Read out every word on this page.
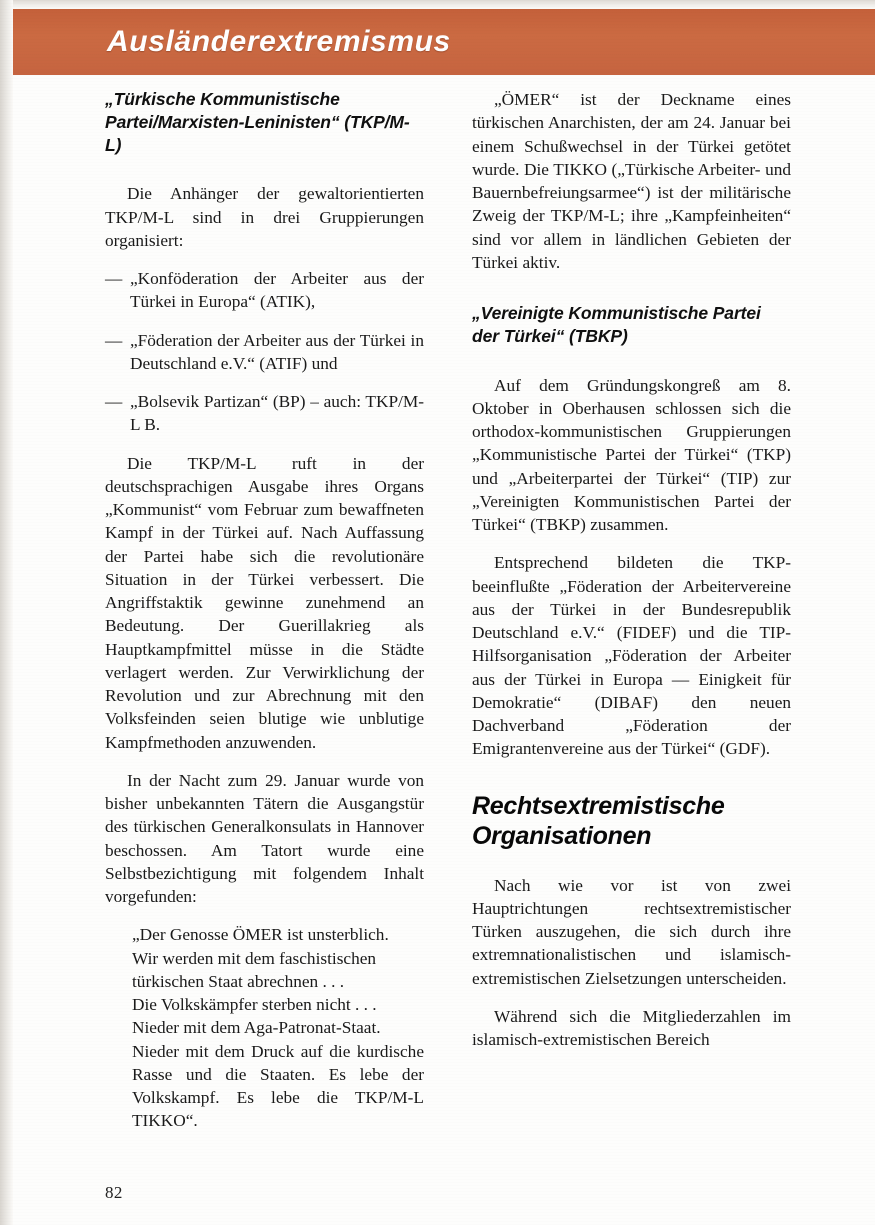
Ausländerextremismus
„Türkische Kommunistische Partei/Marxisten-Leninisten“ (TKP/M-L)

Die Anhänger der gewaltorientierten TKP/M-L sind in drei Gruppierungen organisiert:

— „Konföderation der Arbeiter aus der Türkei in Europa“ (ATIK),
— „Föderation der Arbeiter aus der Türkei in Deutschland e.V.“ (ATIF) und
— „Bolsevik Partizan“ (BP) – auch: TKP/M-L B.

Die TKP/M-L ruft in der deutschsprachigen Ausgabe ihres Organs „Kommunist“ vom Februar zum bewaffneten Kampf in der Türkei auf. Nach Auffassung der Partei habe sich die revolutionäre Situation in der Türkei verbessert. Die Angriffstaktik gewinne zunehmend an Bedeutung. Der Guerillakrieg als Hauptkampfmittel müsse in die Städte verlagert werden. Zur Verwirklichung der Revolution und zur Abrechnung mit den Volksfeinden seien blutige wie unblutige Kampfmethoden anzuwenden.

In der Nacht zum 29. Januar wurde von bisher unbekannten Tätern die Ausgangstür des türkischen Generalkonsulats in Hannover beschossen. Am Tatort wurde eine Selbstbezichtigung mit folgendem Inhalt vorgefunden:

„Der Genosse ÖMER ist unsterblich.

Wir werden mit dem faschistischen

türkischen Staat abrechnen . . .

Die Volkskämpfer sterben nicht . . .

Nieder mit dem Aga-Patronat-Staat.

Nieder mit dem Druck auf die kurdische Rasse und die Staaten. Es lebe der Volkskampf. Es lebe die TKP/M-L TIKKO“.

„ÖMER“ ist der Deckname eines türkischen Anarchisten, der am 24. Januar bei einem Schußwechsel in der Türkei getötet wurde. Die TIKKO („Türkische Arbeiter- und Bauernbefreiungsarmee“) ist der militärische Zweig der TKP/M-L; ihre „Kampfeinheiten“ sind vor allem in ländlichen Gebieten der Türkei aktiv.

„Vereinigte Kommunistische Partei der Türkei“ (TBKP)

Auf dem Gründungskongreß am 8. Oktober in Oberhausen schlossen sich die orthodox-kommunistischen Gruppierungen „Kommunistische Partei der Türkei“ (TKP) und „Arbeiterpartei der Türkei“ (TIP) zur „Vereinigten Kommunistischen Partei der Türkei“ (TBKP) zusammen.

Entsprechend bildeten die TKP-beeinflußte „Föderation der Arbeitervereine aus der Türkei in der Bundesrepublik Deutschland e.V.“ (FIDEF) und die TIP-Hilfsorganisation „Föderation der Arbeiter aus der Türkei in Europa — Einigkeit für Demokratie“ (DIBAF) den neuen Dachverband „Föderation der Emigrantenvereine aus der Türkei“ (GDF).

Rechtsextremistische Organisationen

Nach wie vor ist von zwei Hauptrichtungen rechtsextremistischer Türken auszugehen, die sich durch ihre extremnationalistischen und islamisch-extremistischen Zielsetzungen unterscheiden.

Während sich die Mitgliederzahlen im islamisch-extremistischen Bereich

82
